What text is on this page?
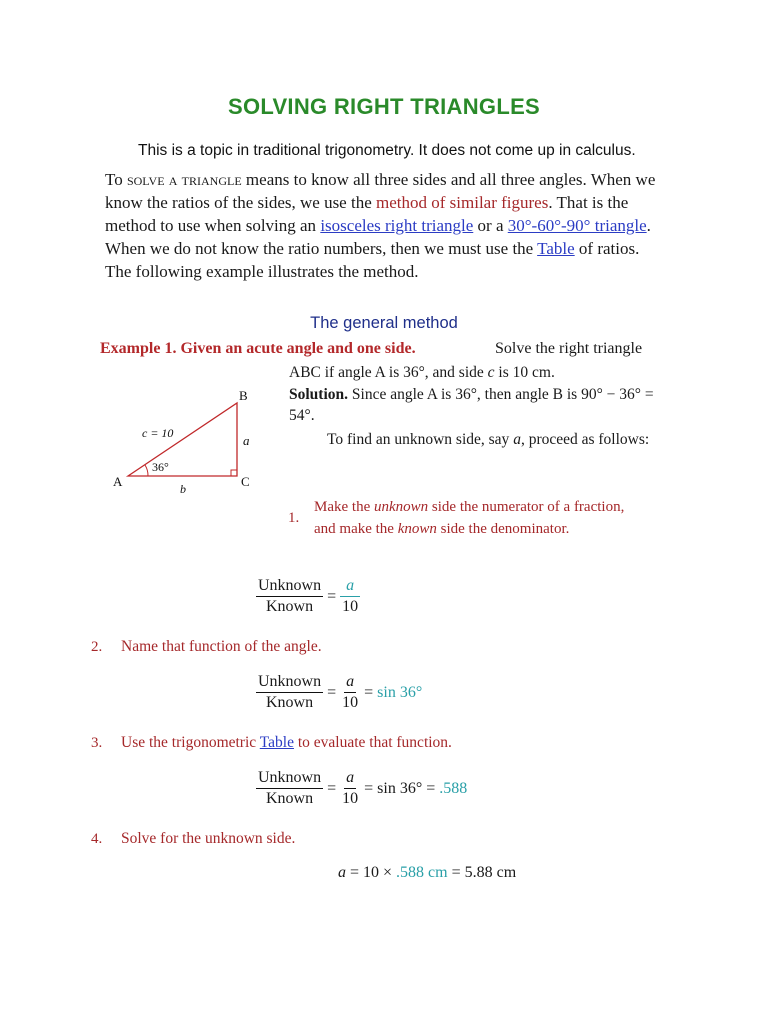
SOLVING RIGHT TRIANGLES
This is a topic in traditional trigonometry. It does not come up in calculus.
To solve a triangle means to know all three sides and all three angles. When we know the ratios of the sides, we use the method of similar figures. That is the method to use when solving an isosceles right triangle or a 30°-60°-90° triangle. When we do not know the ratio numbers, then we must use the Table of ratios. The following example illustrates the method.
The general method
Example 1. Given an acute angle and one side.	Solve the right triangle
ABC if angle A is 36°, and side c is 10 cm.
Solution. Since angle A is 36°, then angle B is 90° − 36° = 54°.
To find an unknown side, say a, proceed as follows:
A
B
C
c = 10	a
b
36°
1.
Make the unknown side the numerator of a fraction, and make the known side the denominator.
$\frac{\text{Unknown}}{\text{Known}} = \frac{a}{10}$
2. Name that function of the angle.
$\frac{\text{Unknown}}{\text{Known}} = \frac{a}{10} = \sin 36^\circ$
3. Use the trigonometric Table to evaluate that function.
$\frac{\text{Unknown}}{\text{Known}} = \frac{a}{10} = \sin 36^\circ = .588$
4. Solve for the unknown side.
a = 10 × .588 cm = 5.88 cm
